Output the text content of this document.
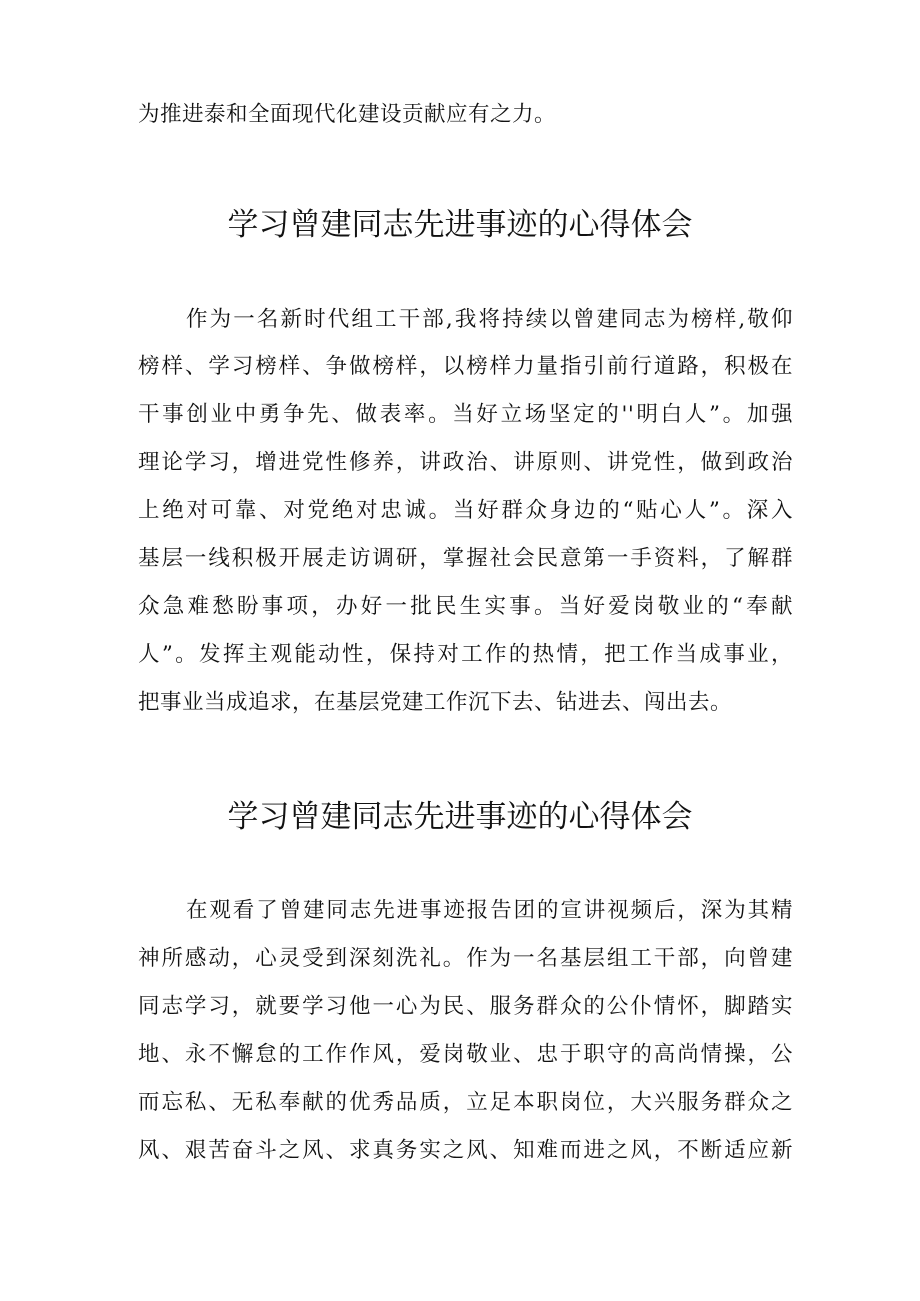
为推进泰和全面现代化建设贡献应有之力。
学习曾建同志先进事迹的心得体会
作为一名新时代组工干部,我将持续以曾建同志为榜样,敬仰
榜样、学习榜样、争做榜样，以榜样力量指引前行道路，积极在
干事创业中勇争先、做表率。当好立场坚定的''明白人”。加强
理论学习，增进党性修养，讲政治、讲原则、讲党性，做到政治
上绝对可靠、对党绝对忠诚。当好群众身边的“贴心人”。深入
基层一线积极开展走访调研，掌握社会民意第一手资料，了解群
众急难愁盼事项，办好一批民生实事。当好爱岗敬业的“奉献
人”。发挥主观能动性，保持对工作的热情，把工作当成事业，
把事业当成追求，在基层党建工作沉下去、钻进去、闯出去。
学习曾建同志先进事迹的心得体会
在观看了曾建同志先进事迹报告团的宣讲视频后，深为其精
神所感动，心灵受到深刻洗礼。作为一名基层组工干部，向曾建
同志学习，就要学习他一心为民、服务群众的公仆情怀，脚踏实
地、永不懈怠的工作作风，爱岗敬业、忠于职守的高尚情操，公
而忘私、无私奉献的优秀品质，立足本职岗位，大兴服务群众之
风、艰苦奋斗之风、求真务实之风、知难而进之风，不断适应新
